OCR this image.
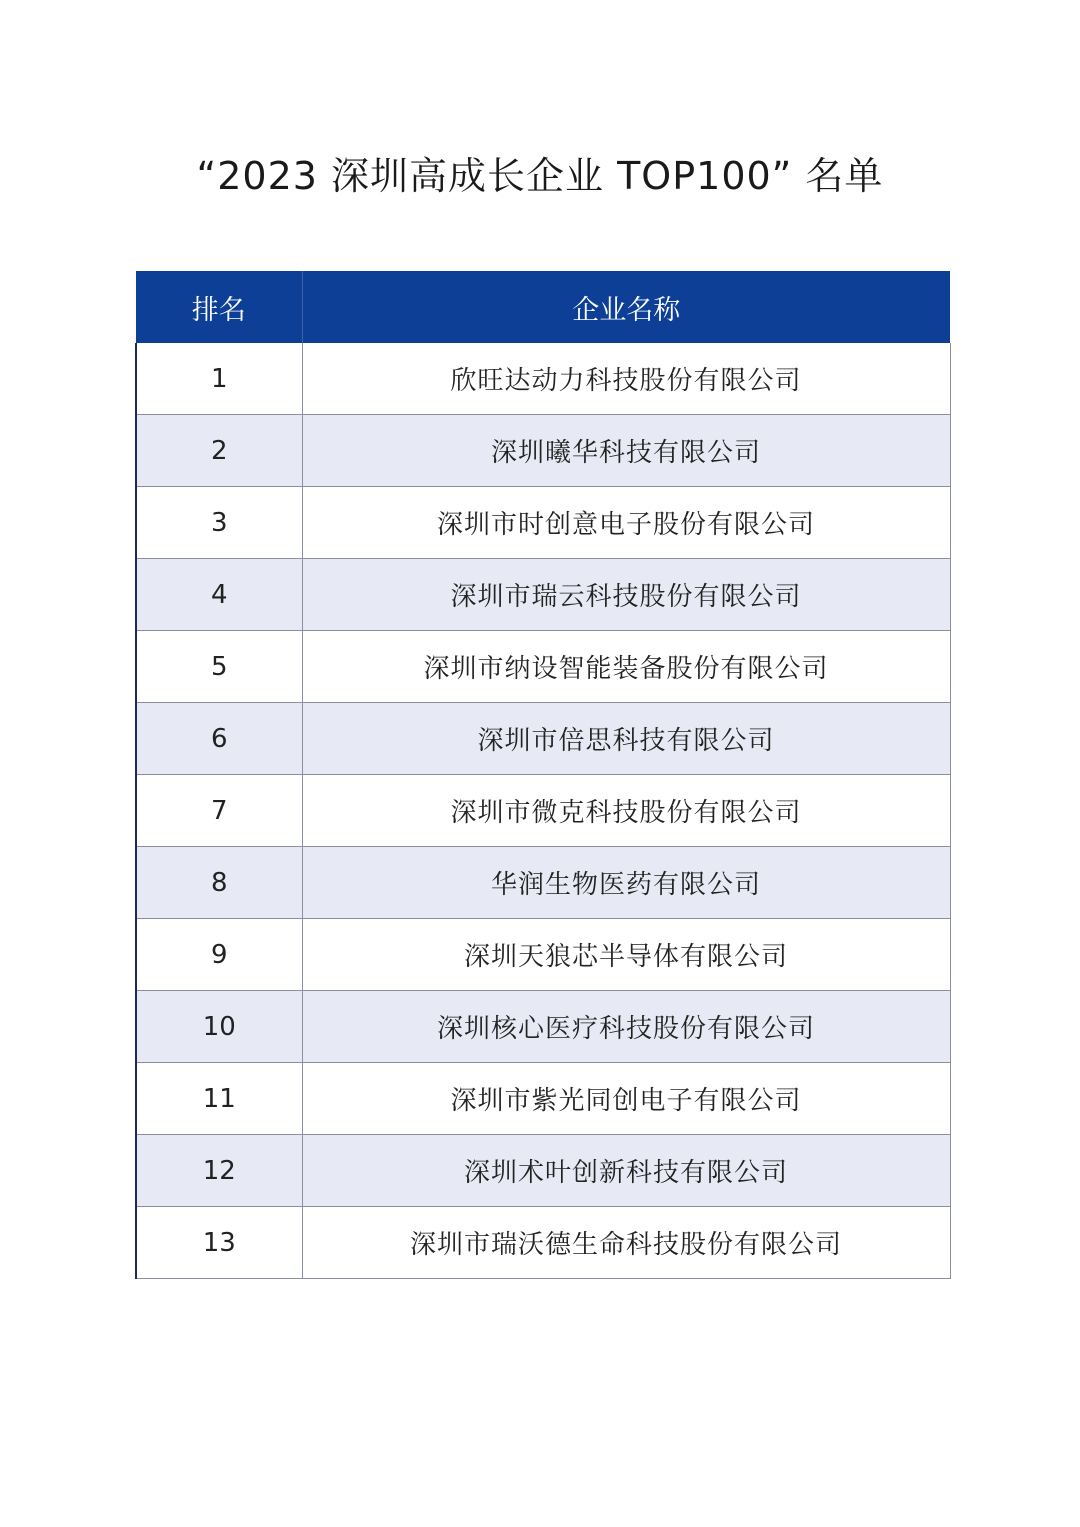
“2023 深圳高成长企业 TOP100” 名单
排名	企业名称
1	欣旺达动力科技股份有限公司
2	深圳曦华科技有限公司
3	深圳市时创意电子股份有限公司
4	深圳市瑞云科技股份有限公司
5	深圳市纳设智能装备股份有限公司
6	深圳市倍思科技有限公司
7	深圳市微克科技股份有限公司
8	华润生物医药有限公司
9	深圳天狼芯半导体有限公司
10	深圳核心医疗科技股份有限公司
11	深圳市紫光同创电子有限公司
12	深圳术叶创新科技有限公司
13	深圳市瑞沃德生命科技股份有限公司
